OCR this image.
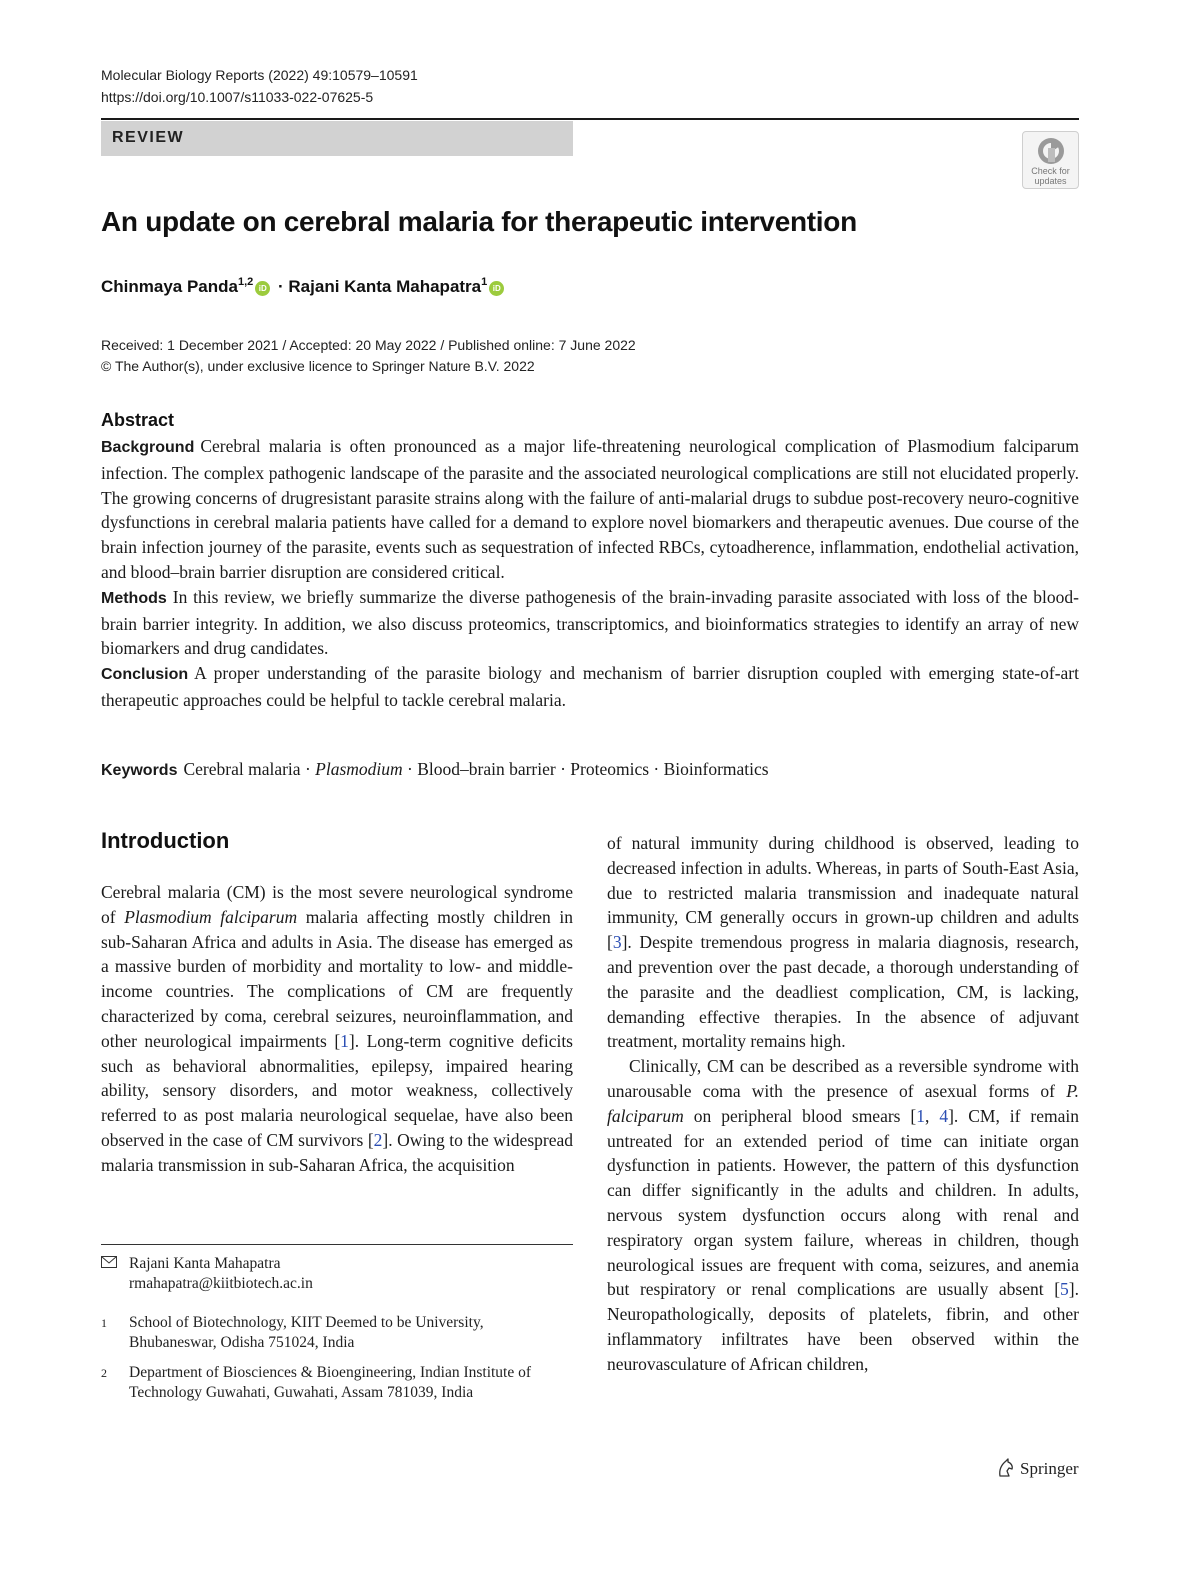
Molecular Biology Reports (2022) 49:10579–10591
https://doi.org/10.1007/s11033-022-07625-5
REVIEW
Check for
updates
An update on cerebral malaria for therapeutic intervention
Chinmaya Panda$^{1,2}$iD · Rajani Kanta Mahapatra$^1$iD
Received: 1 December 2021 / Accepted: 20 May 2022 / Published online: 7 June 2022
© The Author(s), under exclusive licence to Springer Nature B.V. 2022
Abstract

Background Cerebral malaria is often pronounced as a major life-threatening neurological complication of Plasmodium falciparum infection. The complex pathogenic landscape of the parasite and the associated neurological complications are still not elucidated properly. The growing concerns of drugresistant parasite strains along with the failure of anti-malarial drugs to subdue post-recovery neuro-cognitive dysfunctions in cerebral malaria patients have called for a demand to explore novel biomarkers and therapeutic avenues. Due course of the brain infection journey of the parasite, events such as sequestration of infected RBCs, cytoadherence, inflammation, endothelial activation, and blood–brain barrier disruption are considered critical.

Methods In this review, we briefly summarize the diverse pathogenesis of the brain-invading parasite associated with loss of the blood-brain barrier integrity. In addition, we also discuss proteomics, transcriptomics, and bioinformatics strategies to identify an array of new biomarkers and drug candidates.

Conclusion A proper understanding of the parasite biology and mechanism of barrier disruption coupled with emerging state-of-art therapeutic approaches could be helpful to tackle cerebral malaria.

Keywords Cerebral malaria · Plasmodium · Blood–brain barrier · Proteomics · Bioinformatics
Introduction

Cerebral malaria (CM) is the most severe neurological syndrome of Plasmodium falciparum malaria affecting mostly children in sub-Saharan Africa and adults in Asia. The disease has emerged as a massive burden of morbidity and mortality to low- and middle-income countries. The complications of CM are frequently characterized by coma, cerebral seizures, neuroinflammation, and other neurological impairments [1]. Long-term cognitive deficits such as behavioral abnormalities, epilepsy, impaired hearing ability, sensory disorders, and motor weakness, collectively referred to as post malaria neurological sequelae, have also been observed in the case of CM survivors [2]. Owing to the widespread malaria transmission in sub-Saharan Africa, the acquisition

of natural immunity during childhood is observed, leading to decreased infection in adults. Whereas, in parts of South-East Asia, due to restricted malaria transmission and inadequate natural immunity, CM generally occurs in grown-up children and adults [3]. Despite tremendous progress in malaria diagnosis, research, and prevention over the past decade, a thorough understanding of the parasite and the deadliest complication, CM, is lacking, demanding effective therapies. In the absence of adjuvant treatment, mortality remains high.

Clinically, CM can be described as a reversible syndrome with unarousable coma with the presence of asexual forms of P. falciparum on peripheral blood smears [1, 4]. CM, if remain untreated for an extended period of time can initiate organ dysfunction in patients. However, the pattern of this dysfunction can differ significantly in the adults and children. In adults, nervous system dysfunction occurs along with renal and respiratory organ system failure, whereas in children, though neurological issues are frequent with coma, seizures, and anemia but respiratory or renal complications are usually absent [5]. Neuropathologically, deposits of platelets, fibrin, and other inflammatory infiltrates have been observed within the neurovasculature of African children,

Rajani Kanta Mahapatra
rmahapatra@kiitbiotech.ac.in
1	School of Biotechnology, KIIT Deemed to be University, Bhubaneswar, Odisha 751024, India
2	Department of Biosciences & Bioengineering, Indian Institute of Technology Guwahati, Guwahati, Assam 781039, India
Springer
